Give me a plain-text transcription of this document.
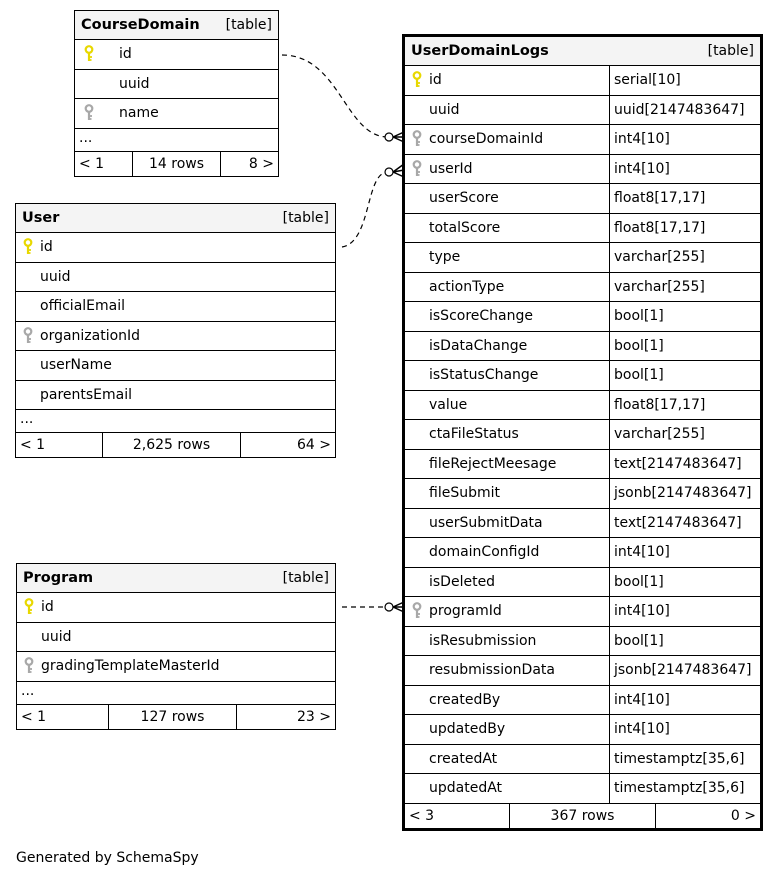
CourseDomain [table]
id
uuid
name
...
< 1	14 rows	8 >
User	[table]
id
uuid
officialEmail
organizationId
userName
parentsEmail
...
< 1	2,625 rows	64 >
Program	[table]
id
uuid
gradingTemplateMasterId
...
< 1	127 rows	23 >
UserDomainLogs	[table]
id	serial[10]
uuid	uuid[2147483647]
courseDomainId	int4[10]
userId	int4[10]
userScore	float8[17,17]
totalScore	float8[17,17]
type	varchar[255]
actionType	varchar[255]
isScoreChange	bool[1]
isDataChange	bool[1]
isStatusChange	bool[1]
value	float8[17,17]
ctaFileStatus	varchar[255]
fileRejectMeesage	text[2147483647]
fileSubmit	jsonb[2147483647]
userSubmitData	text[2147483647]
domainConfigId	int4[10]
isDeleted	bool[1]
programId	int4[10]
isResubmission	bool[1]
resubmissionData	jsonb[2147483647]
createdBy	int4[10]
updatedBy	int4[10]
createdAt	timestamptz[35,6]
updatedAt	timestamptz[35,6]
< 3	367 rows	0 >
Generated by SchemaSpy
